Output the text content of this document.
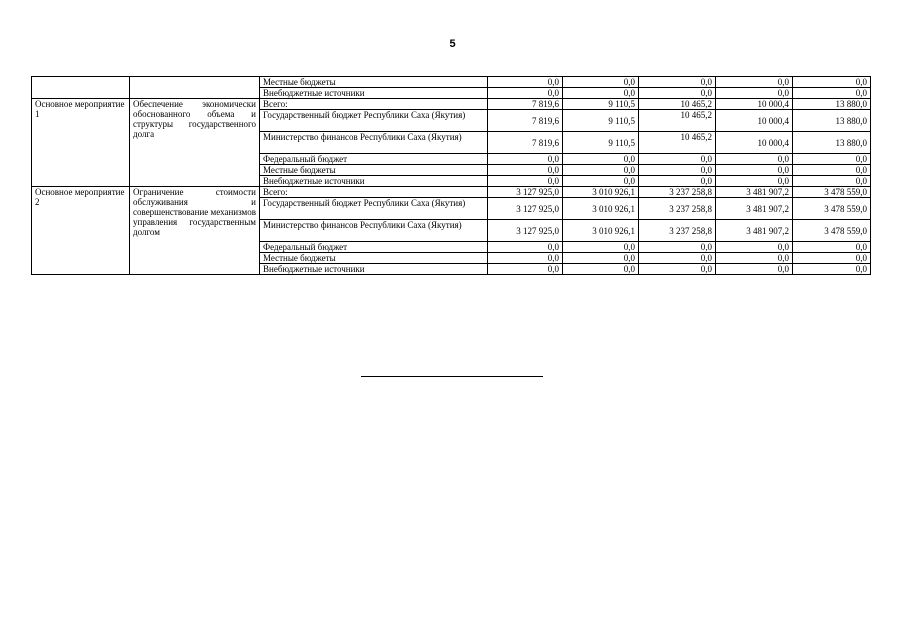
5
		Местные бюджеты	0,0	0,0	0,0	0,0	0,0
		Внебюджетные источники	0,0	0,0	0,0	0,0	0,0
Основное мероприятие 1	Обеспечение экономически обоснованного объема и структуры государственного долга	Всего:	7 819,6	9 110,5	10 465,2	10 000,4	13 880,0
		Государственный бюджет Республики Саха (Якутия)	7 819,6	9 110,5	10 465,2	10 000,4	13 880,0
		Министерство финансов Республики Саха (Якутия)	7 819,6	9 110,5	10 465,2	10 000,4	13 880,0
		Федеральный бюджет	0,0	0,0	0,0	0,0	0,0
		Местные бюджеты	0,0	0,0	0,0	0,0	0,0
		Внебюджетные источники	0,0	0,0	0,0	0,0	0,0
Основное мероприятие 2	Ограничение стоимости обслуживания и совершенствование механизмов управления государственным долгом	Всего:	3 127 925,0	3 010 926,1	3 237 258,8	3 481 907,2	3 478 559,0
		Государственный бюджет Республики Саха (Якутия)	3 127 925,0	3 010 926,1	3 237 258,8	3 481 907,2	3 478 559,0
		Министерство финансов Республики Саха (Якутия)	3 127 925,0	3 010 926,1	3 237 258,8	3 481 907,2	3 478 559,0
		Федеральный бюджет	0,0	0,0	0,0	0,0	0,0
		Местные бюджеты	0,0	0,0	0,0	0,0	0,0
		Внебюджетные источники	0,0	0,0	0,0	0,0	0,0
